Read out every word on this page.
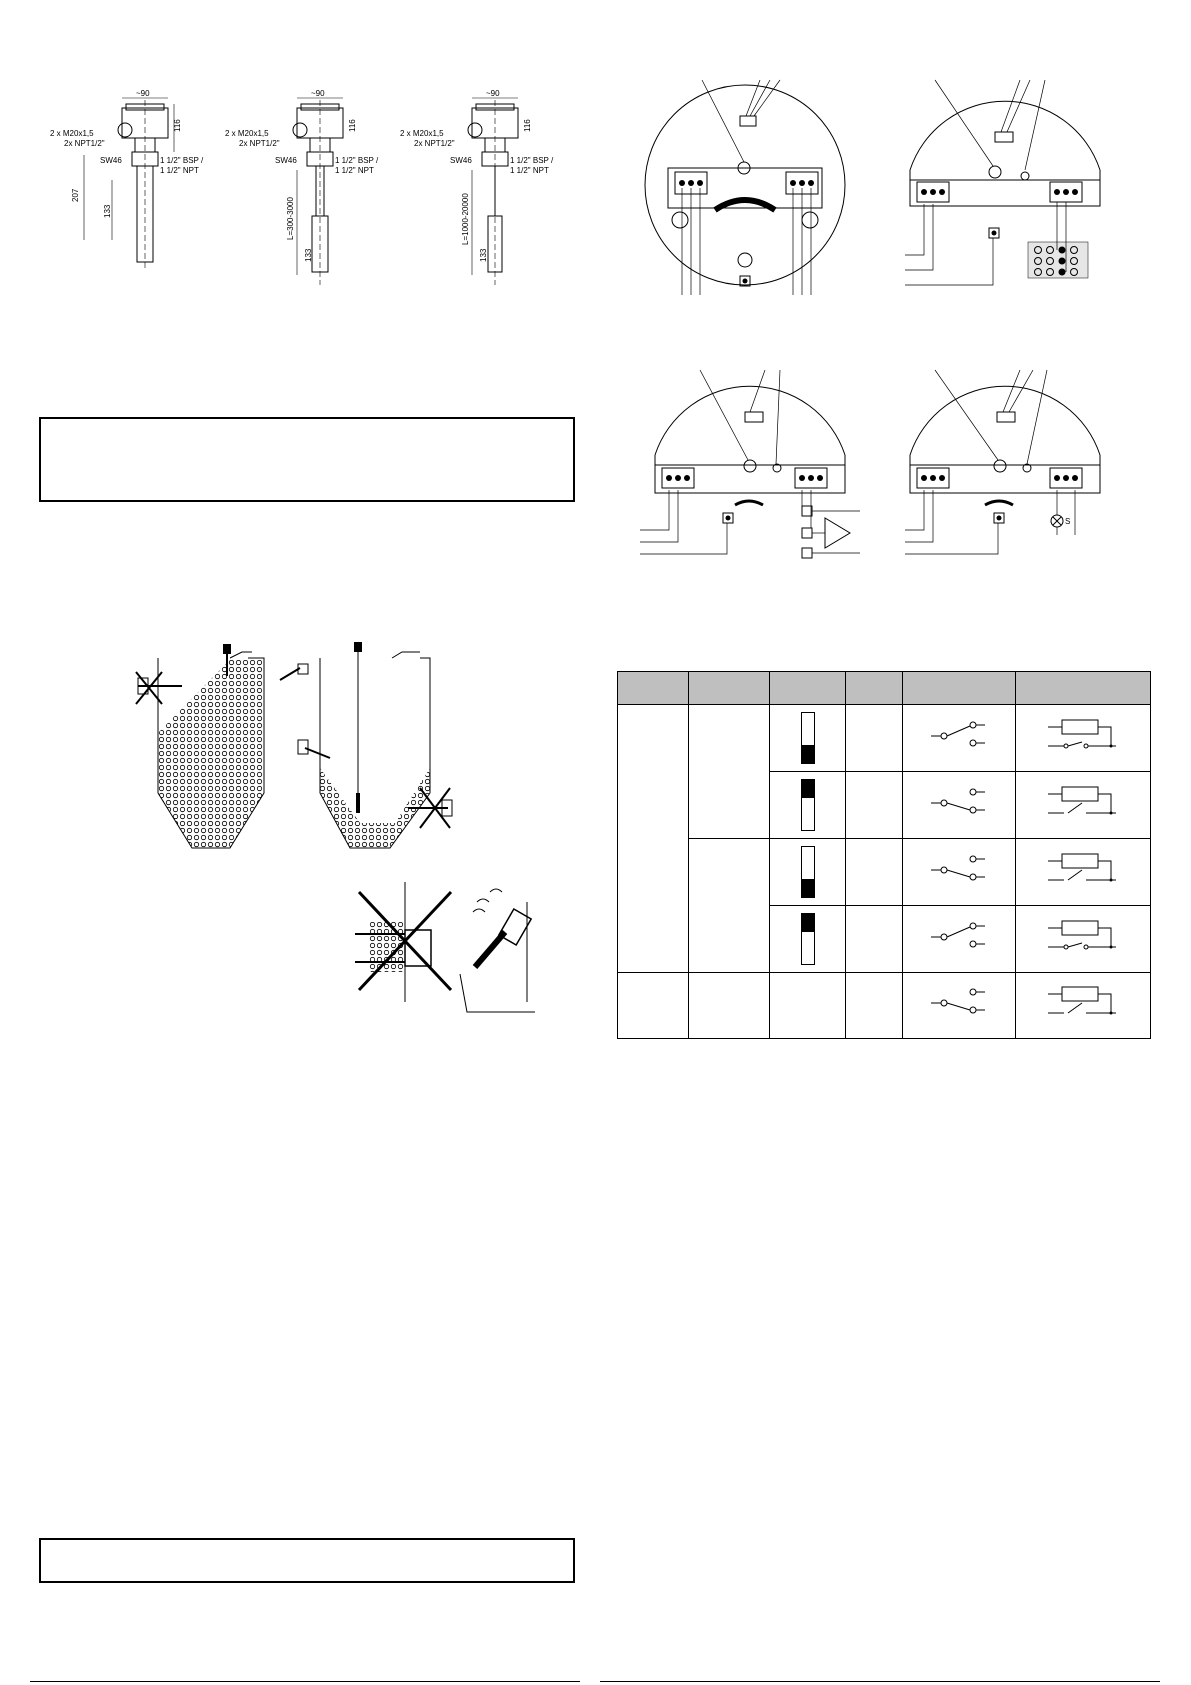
~90
116
2 x M20x1,5
2x NPT1/2"
SW46	1 1/2" BSP /
1 1/2" NPT
207
133
~90
116
2 x M20x1,5
2x NPT1/2"
SW46	1 1/2" BSP /
1 1/2" NPT
L=300-3000
133
~90
116
2 x M20x1,5
2x NPT1/2"
SW46	1 1/2" BSP /
1 1/2" NPT
L=1000-20000
133
S
